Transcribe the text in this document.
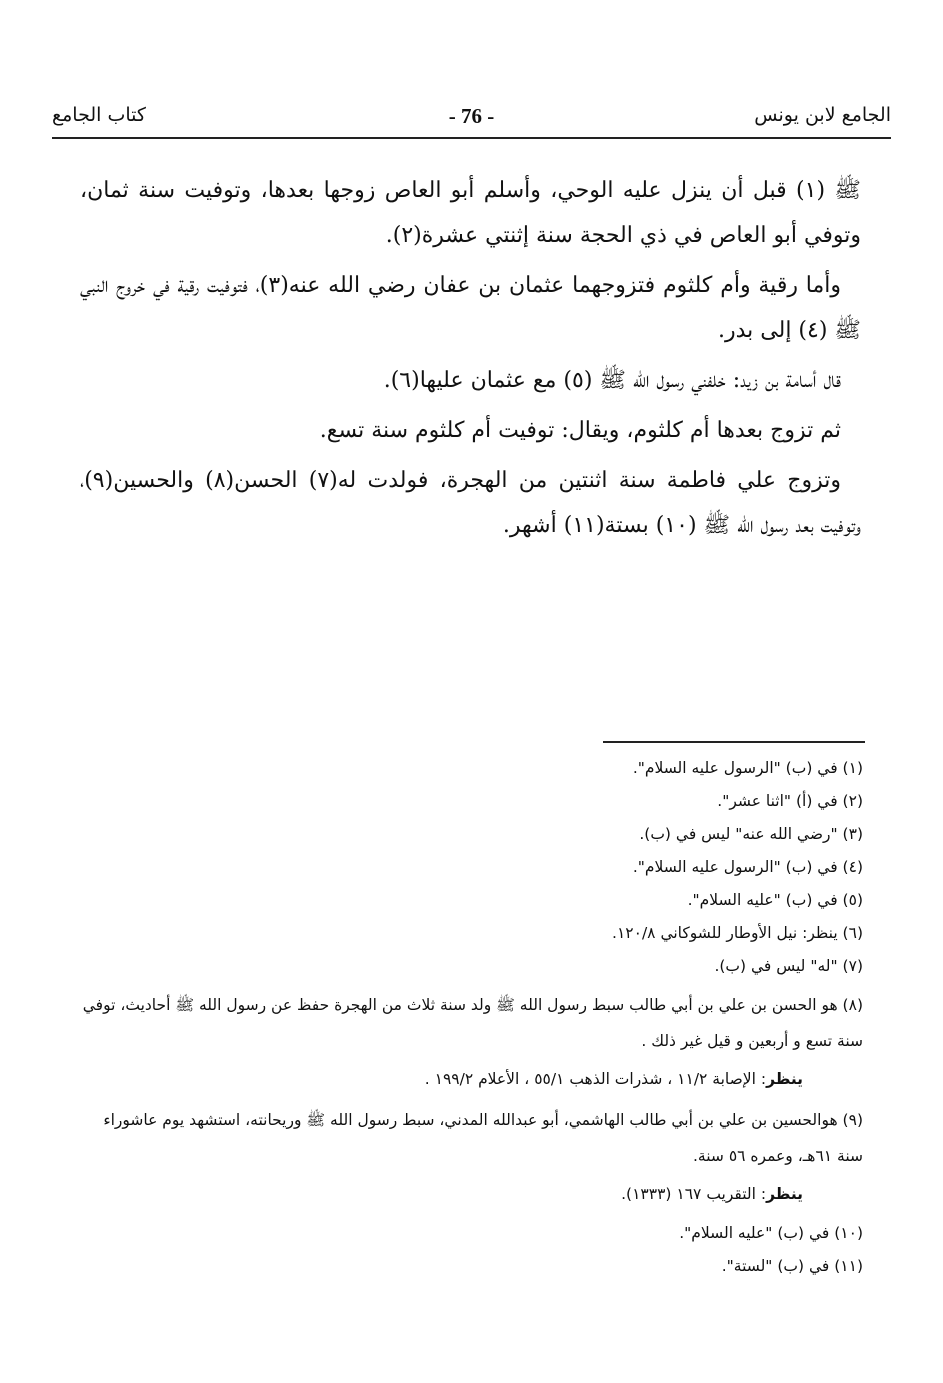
كتاب الجامع	- 76 -	الجامع لابن يونس

ﷺ (١) قبل أن ينزل عليه الوحي، وأسلم أبو العاص زوجها بعدها، وتوفيت سنة ثمان، وتوفي أبو العاص في ذي الحجة سنة إثنتي عشرة(٢).

وأما رقية وأم كلثوم فتزوجهما عثمان بن عفان رضي الله عنه(٣)، فتوفيت رقية في خروج النبي ﷺ (٤) إلى بدر.

قال أسامة بن زيد: خلفني رسول الله ﷺ (٥) مع عثمان عليها(٦).

ثم تزوج بعدها أم كلثوم، ويقال: توفيت أم كلثوم سنة تسع.

وتزوج علي فاطمة سنة اثنتين من الهجرة، فولدت له(٧) الحسن(٨) والحسين(٩)، وتوفيت بعد رسول الله ﷺ (١٠) بستة(١١) أشهر.

(١) في (ب) "الرسول عليه السلام".

(٢) في (أ) "اثنا عشر".

(٣) "رضي الله عنه" ليس في (ب).

(٤) في (ب) "الرسول عليه السلام".

(٥) في (ب) "عليه السلام".

(٦) ينظر: نيل الأوطار للشوكاني ١٢٠/٨.

(٧) "له" ليس في (ب).

(٨) هو الحسن بن علي بن أبي طالب سبط رسول الله ﷺ ولد سنة ثلاث من الهجرة حفظ عن رسول الله ﷺ أحاديث، توفي سنة تسع و أربعين و قيل غير ذلك .

ينظر: الإصابة ١١/٢ ، شذرات الذهب ٥٥/١ ، الأعلام ١٩٩/٢ .

(٩) هوالحسين بن علي بن أبي طالب الهاشمي، أبو عبدالله المدني، سبط رسول الله ﷺ وريحانته، استشهد يوم عاشوراء سنة ٦١هـ، وعمره ٥٦ سنة.

ينظر: التقريب ١٦٧ (١٣٣٣).

(١٠) في (ب) "عليه السلام".

(١١) في (ب) "لستة".
